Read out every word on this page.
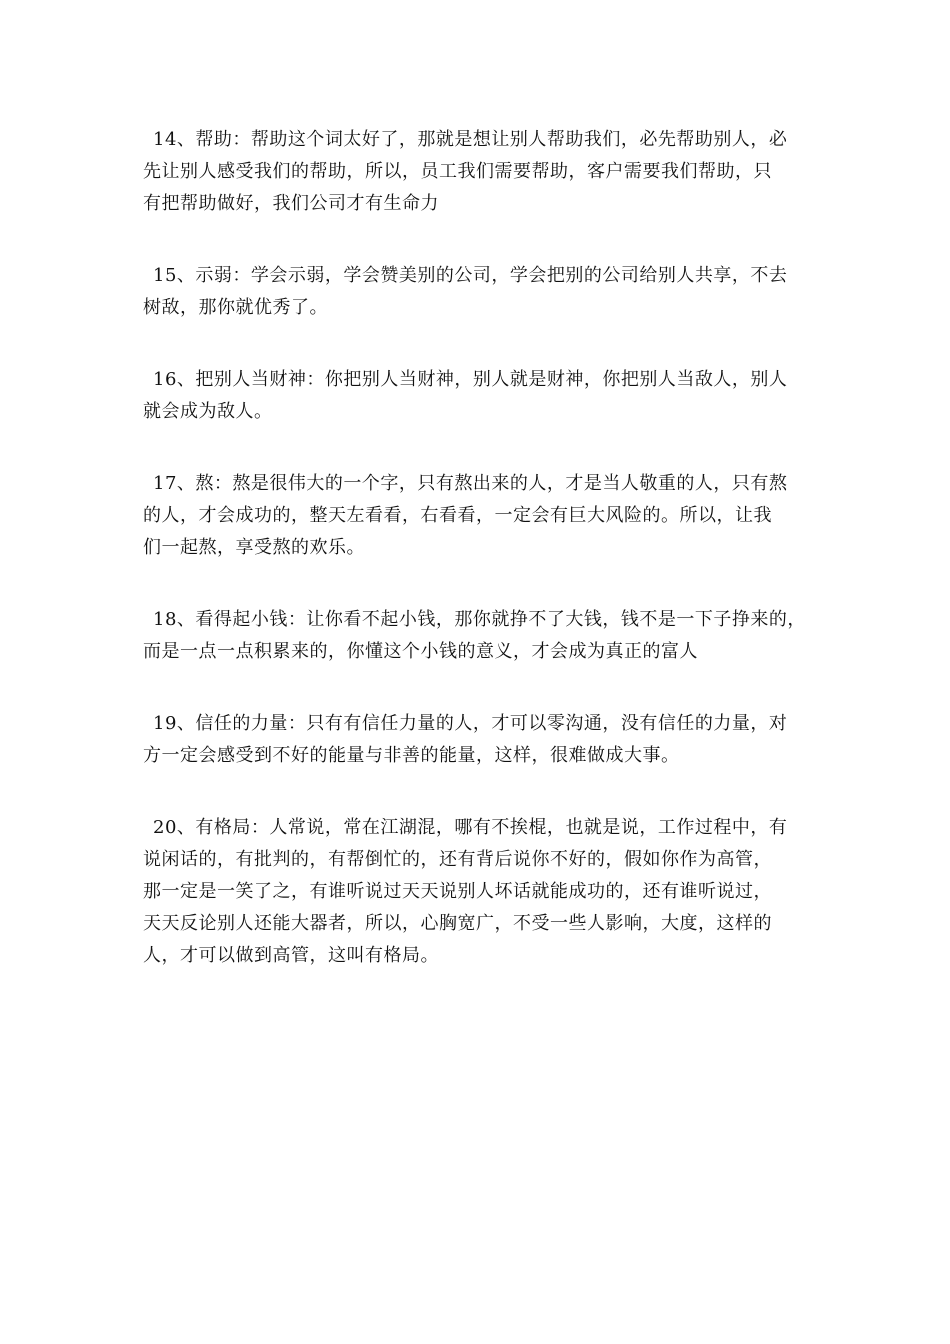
14、帮助：帮助这个词太好了，那就是想让别人帮助我们，必先帮助别人，必
先让别人感受我们的帮助，所以，员工我们需要帮助，客户需要我们帮助，只
有把帮助做好，我们公司才有生命力

15、示弱：学会示弱，学会赞美别的公司，学会把别的公司给别人共享，不去
树敌，那你就优秀了。

16、把别人当财神：你把别人当财神，别人就是财神，你把别人当敌人，别人
就会成为敌人。

17、熬：熬是很伟大的一个字，只有熬出来的人，才是当人敬重的人，只有熬
的人，才会成功的，整天左看看，右看看，一定会有巨大风险的。所以，让我
们一起熬，享受熬的欢乐。

18、看得起小钱：让你看不起小钱，那你就挣不了大钱，钱不是一下子挣来的，
而是一点一点积累来的，你懂这个小钱的意义，才会成为真正的富人

19、信任的力量：只有有信任力量的人，才可以零沟通，没有信任的力量，对
方一定会感受到不好的能量与非善的能量，这样，很难做成大事。

20、有格局：人常说，常在江湖混，哪有不挨棍，也就是说，工作过程中，有
说闲话的，有批判的，有帮倒忙的，还有背后说你不好的，假如你作为高管，
那一定是一笑了之，有谁听说过天天说别人坏话就能成功的，还有谁听说过，
天天反论别人还能大器者，所以，心胸宽广，不受一些人影响，大度，这样的
人，才可以做到高管，这叫有格局。
